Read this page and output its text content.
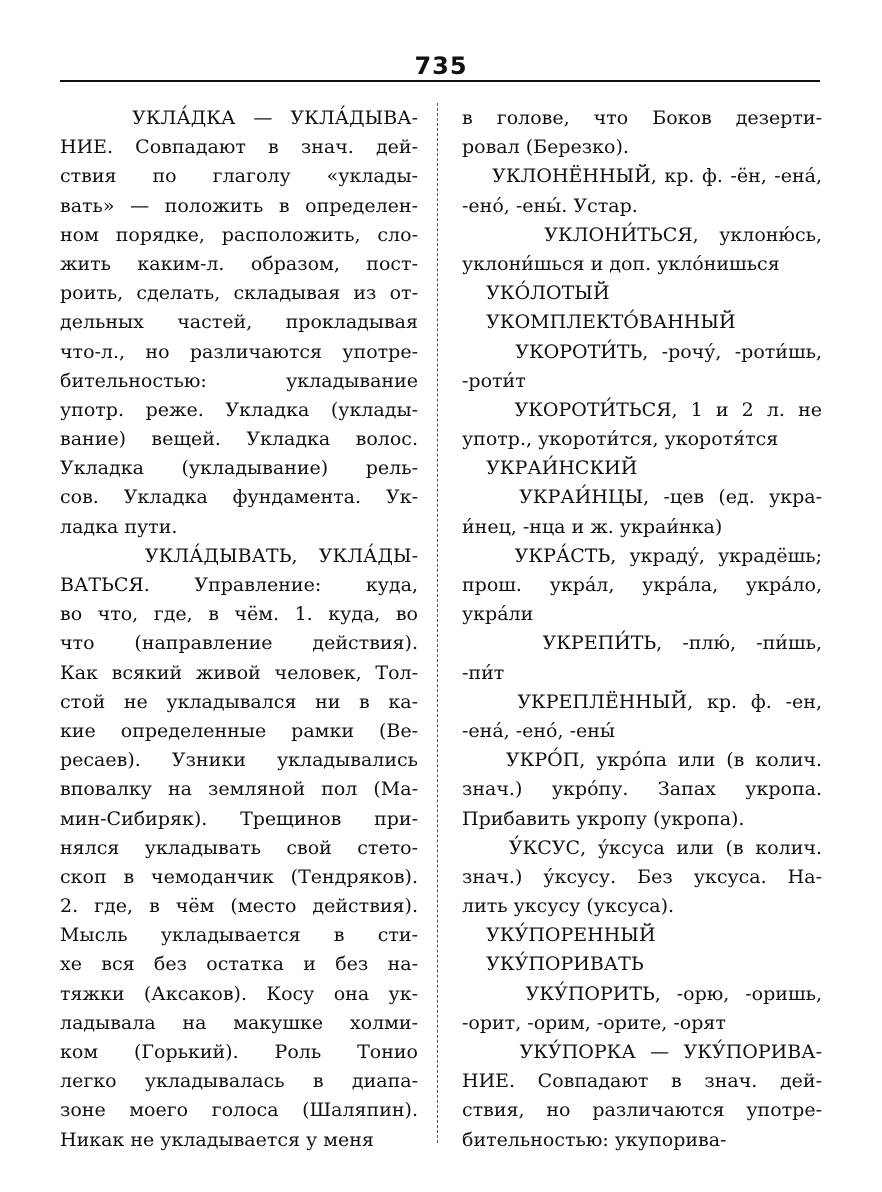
735
УКЛА́ДКА — УКЛА́ДЫВА-
НИЕ. Совпадают в знач. дей-
ствия по глаголу «уклады-
вать» — положить в определен-
ном порядке, расположить, сло-
жить каким-л. образом, пост-
роить, сделать, складывая из от-
дельных частей, прокладывая
что-л., но различаются употре-
бительностью: укладывание
употр. реже. Укладка (уклады-
вание) вещей. Укладка волос.
Укладка (укладывание) рель-
сов. Укладка фундамента. Ук-
ладка пути.
УКЛА́ДЫВАТЬ, УКЛА́ДЫ-
ВАТЬСЯ. Управление: куда,
во что, где, в чём. 1. куда, во
что (направление действия).
Как всякий живой человек, Тол-
стой не укладывался ни в ка-
кие определенные рамки (Ве-
ресаев). Узники укладывались
вповалку на земляной пол (Ма-
мин-Сибиряк). Трещинов при-
нялся укладывать свой стето-
скоп в чемоданчик (Тендряков).
2. где, в чём (место действия).
Мысль укладывается в сти-
хе вся без остатка и без на-
тяжки (Аксаков). Косу она ук-
ладывала на макушке холми-
ком (Горький). Роль Тонио
легко укладывалась в диапа-
зоне моего голоса (Шаляпин).
Никак не укладывается у меня
в голове, что Боков дезерти-
ровал (Березко).
УКЛОНЁННЫЙ, кр. ф. -ён, -ена́,
-ено́, -ены́. Устар.
УКЛОНИ́ТЬСЯ, уклоню́сь,
уклони́шься и доп. укло́нишься
УКО́ЛОТЫЙ
УКОМПЛЕКТО́ВАННЫЙ
УКОРОТИ́ТЬ, -рочу́, -роти́шь,
-роти́т
УКОРОТИ́ТЬСЯ, 1 и 2 л. не
употр., укороти́тся, укоротя́тся
УКРАИ́НСКИЙ
УКРАИ́НЦЫ, -цев (ед. укра-
и́нец, -нца и ж. украи́нка)
УКРА́СТЬ, украду́, украдёшь;
прош. укра́л, укра́ла, укра́ло,
укра́ли
УКРЕПИ́ТЬ, -плю́, -пи́шь,
-пи́т
УКРЕПЛЁННЫЙ, кр. ф. -ен,
-ена́, -ено́, -ены́
УКРО́П, укро́па или (в колич.
знач.) укро́пу. Запах укропа.
Прибавить укропу (укропа).
У́КСУС, у́ксуса или (в колич.
знач.) у́ксусу. Без уксуса. На-
лить уксусу (уксуса).
УКУ́ПОРЕННЫЙ
УКУ́ПОРИВАТЬ
УКУ́ПОРИТЬ, -орю, -оришь,
-орит, -орим, -орите, -орят
УКУ́ПОРКА — УКУ́ПОРИВА-
НИЕ. Совпадают в знач. дей-
ствия, но различаются употре-
бительностью: укупорива-
